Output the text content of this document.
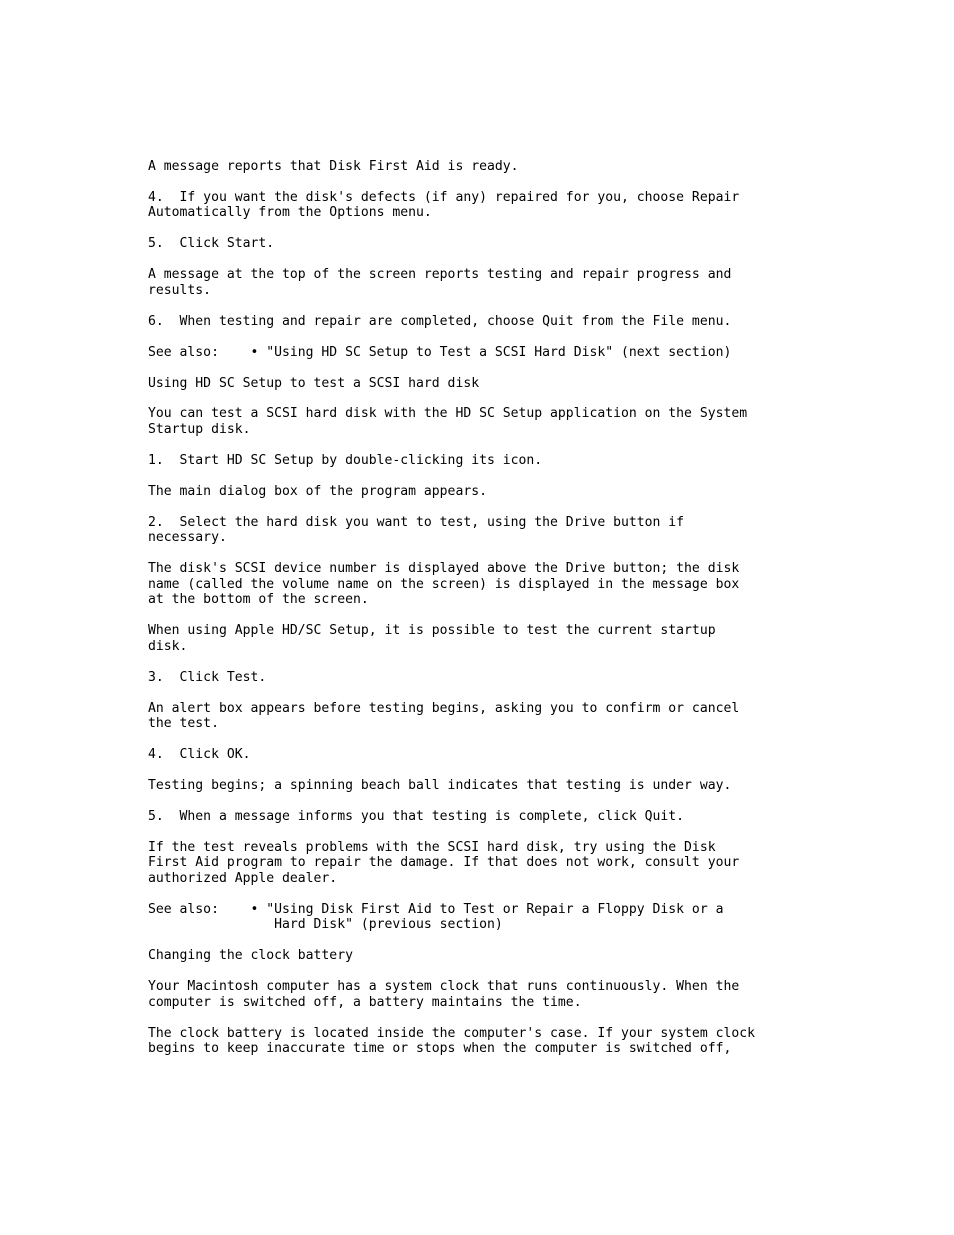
A message reports that Disk First Aid is ready.

4.  If you want the disk's defects (if any) repaired for you, choose Repair
Automatically from the Options menu.

5.  Click Start.

A message at the top of the screen reports testing and repair progress and
results.

6.  When testing and repair are completed, choose Quit from the File menu.

See also:    • "Using HD SC Setup to Test a SCSI Hard Disk" (next section)

Using HD SC Setup to test a SCSI hard disk

You can test a SCSI hard disk with the HD SC Setup application on the System
Startup disk.

1.  Start HD SC Setup by double-clicking its icon.

The main dialog box of the program appears.

2.  Select the hard disk you want to test, using the Drive button if
necessary.

The disk's SCSI device number is displayed above the Drive button; the disk
name (called the volume name on the screen) is displayed in the message box
at the bottom of the screen.

When using Apple HD/SC Setup, it is possible to test the current startup
disk.

3.  Click Test.

An alert box appears before testing begins, asking you to confirm or cancel
the test.

4.  Click OK.

Testing begins; a spinning beach ball indicates that testing is under way.

5.  When a message informs you that testing is complete, click Quit.

If the test reveals problems with the SCSI hard disk, try using the Disk
First Aid program to repair the damage. If that does not work, consult your
authorized Apple dealer.

See also:    • "Using Disk First Aid to Test or Repair a Floppy Disk or a
Hard Disk" (previous section)

Changing the clock battery

Your Macintosh computer has a system clock that runs continuously. When the
computer is switched off, a battery maintains the time.

The clock battery is located inside the computer's case. If your system clock
begins to keep inaccurate time or stops when the computer is switched off,
